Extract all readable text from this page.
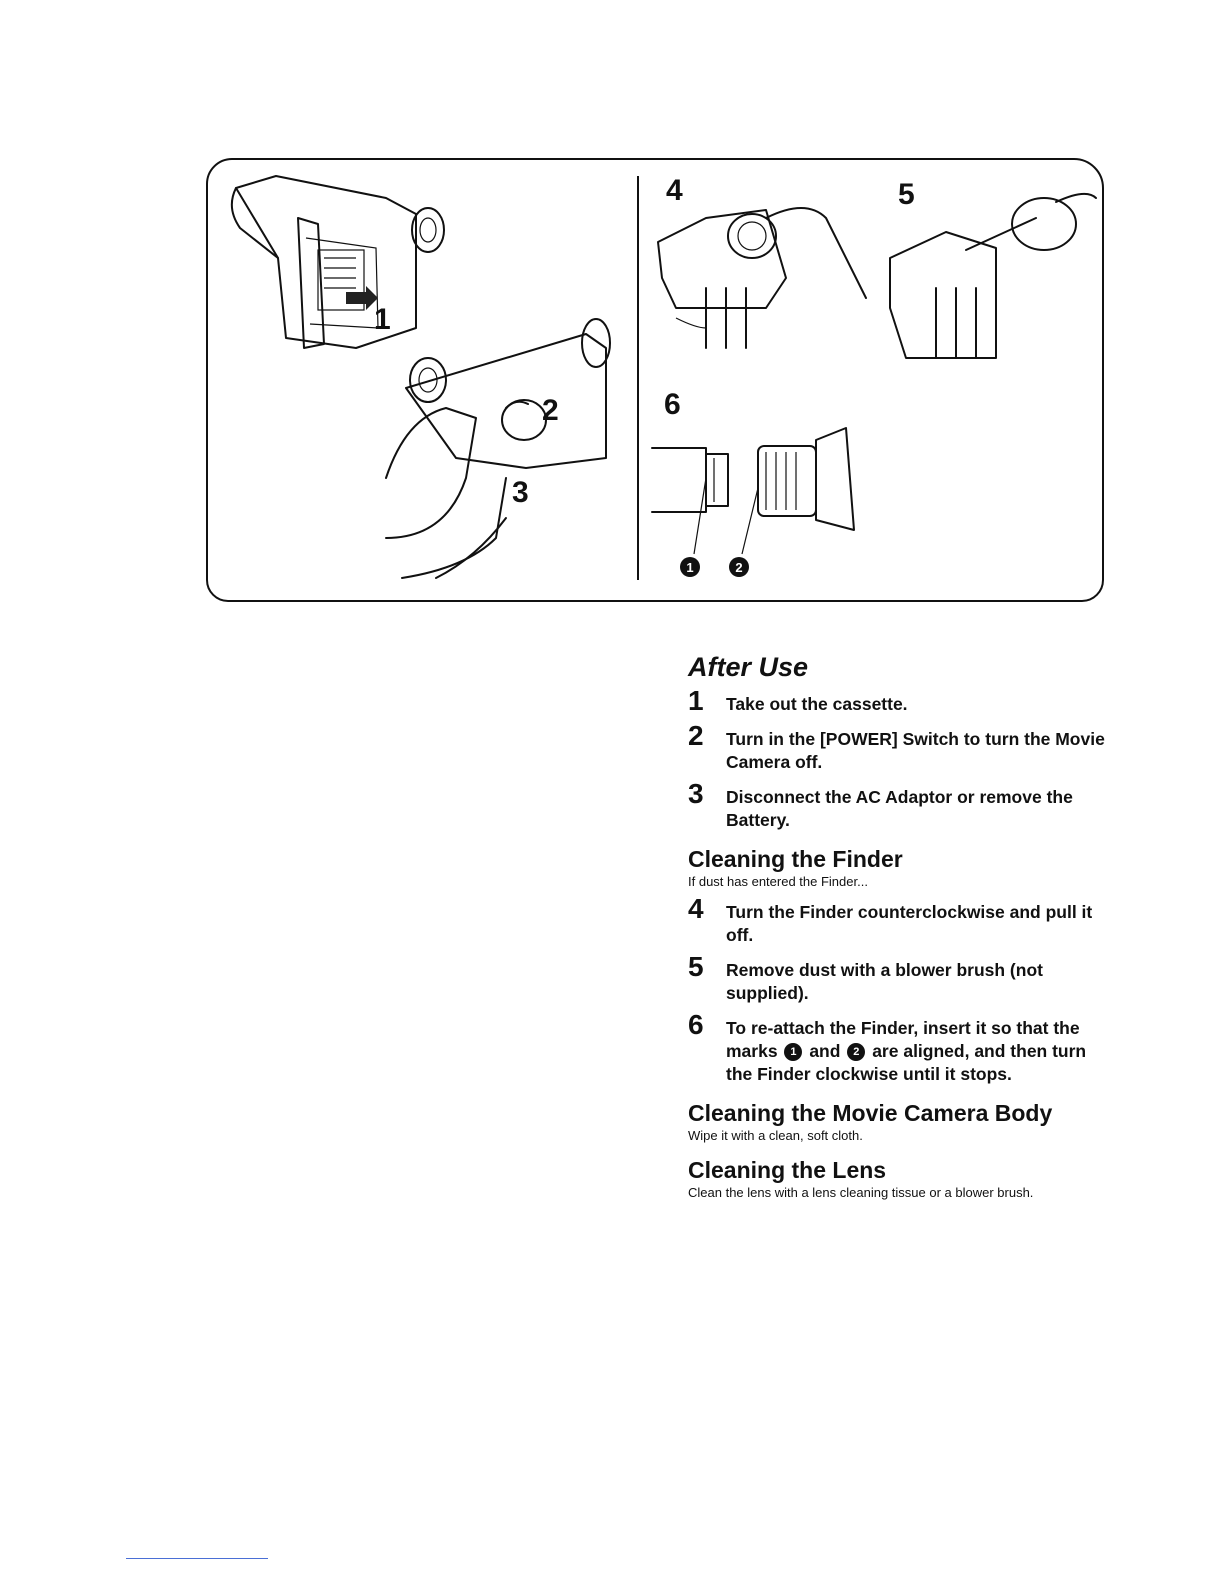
1
2
3
4	5
6
1	2
After Use
1	Take out the cassette.
2	Turn in the [POWER] Switch to turn the Movie Camera off.
3	Disconnect the AC Adaptor or remove the Battery.
Cleaning the Finder
If dust has entered the Finder...
4	Turn the Finder counterclockwise and pull it off.
5	Remove dust with a blower brush (not supplied).
6	To re-attach the Finder, insert it so that the marks 1 and 2 are aligned, and then turn the Finder clockwise until it stops.
Cleaning the Movie Camera Body
Wipe it with a clean, soft cloth.
Cleaning the Lens
Clean the lens with a lens cleaning tissue or a blower brush.
